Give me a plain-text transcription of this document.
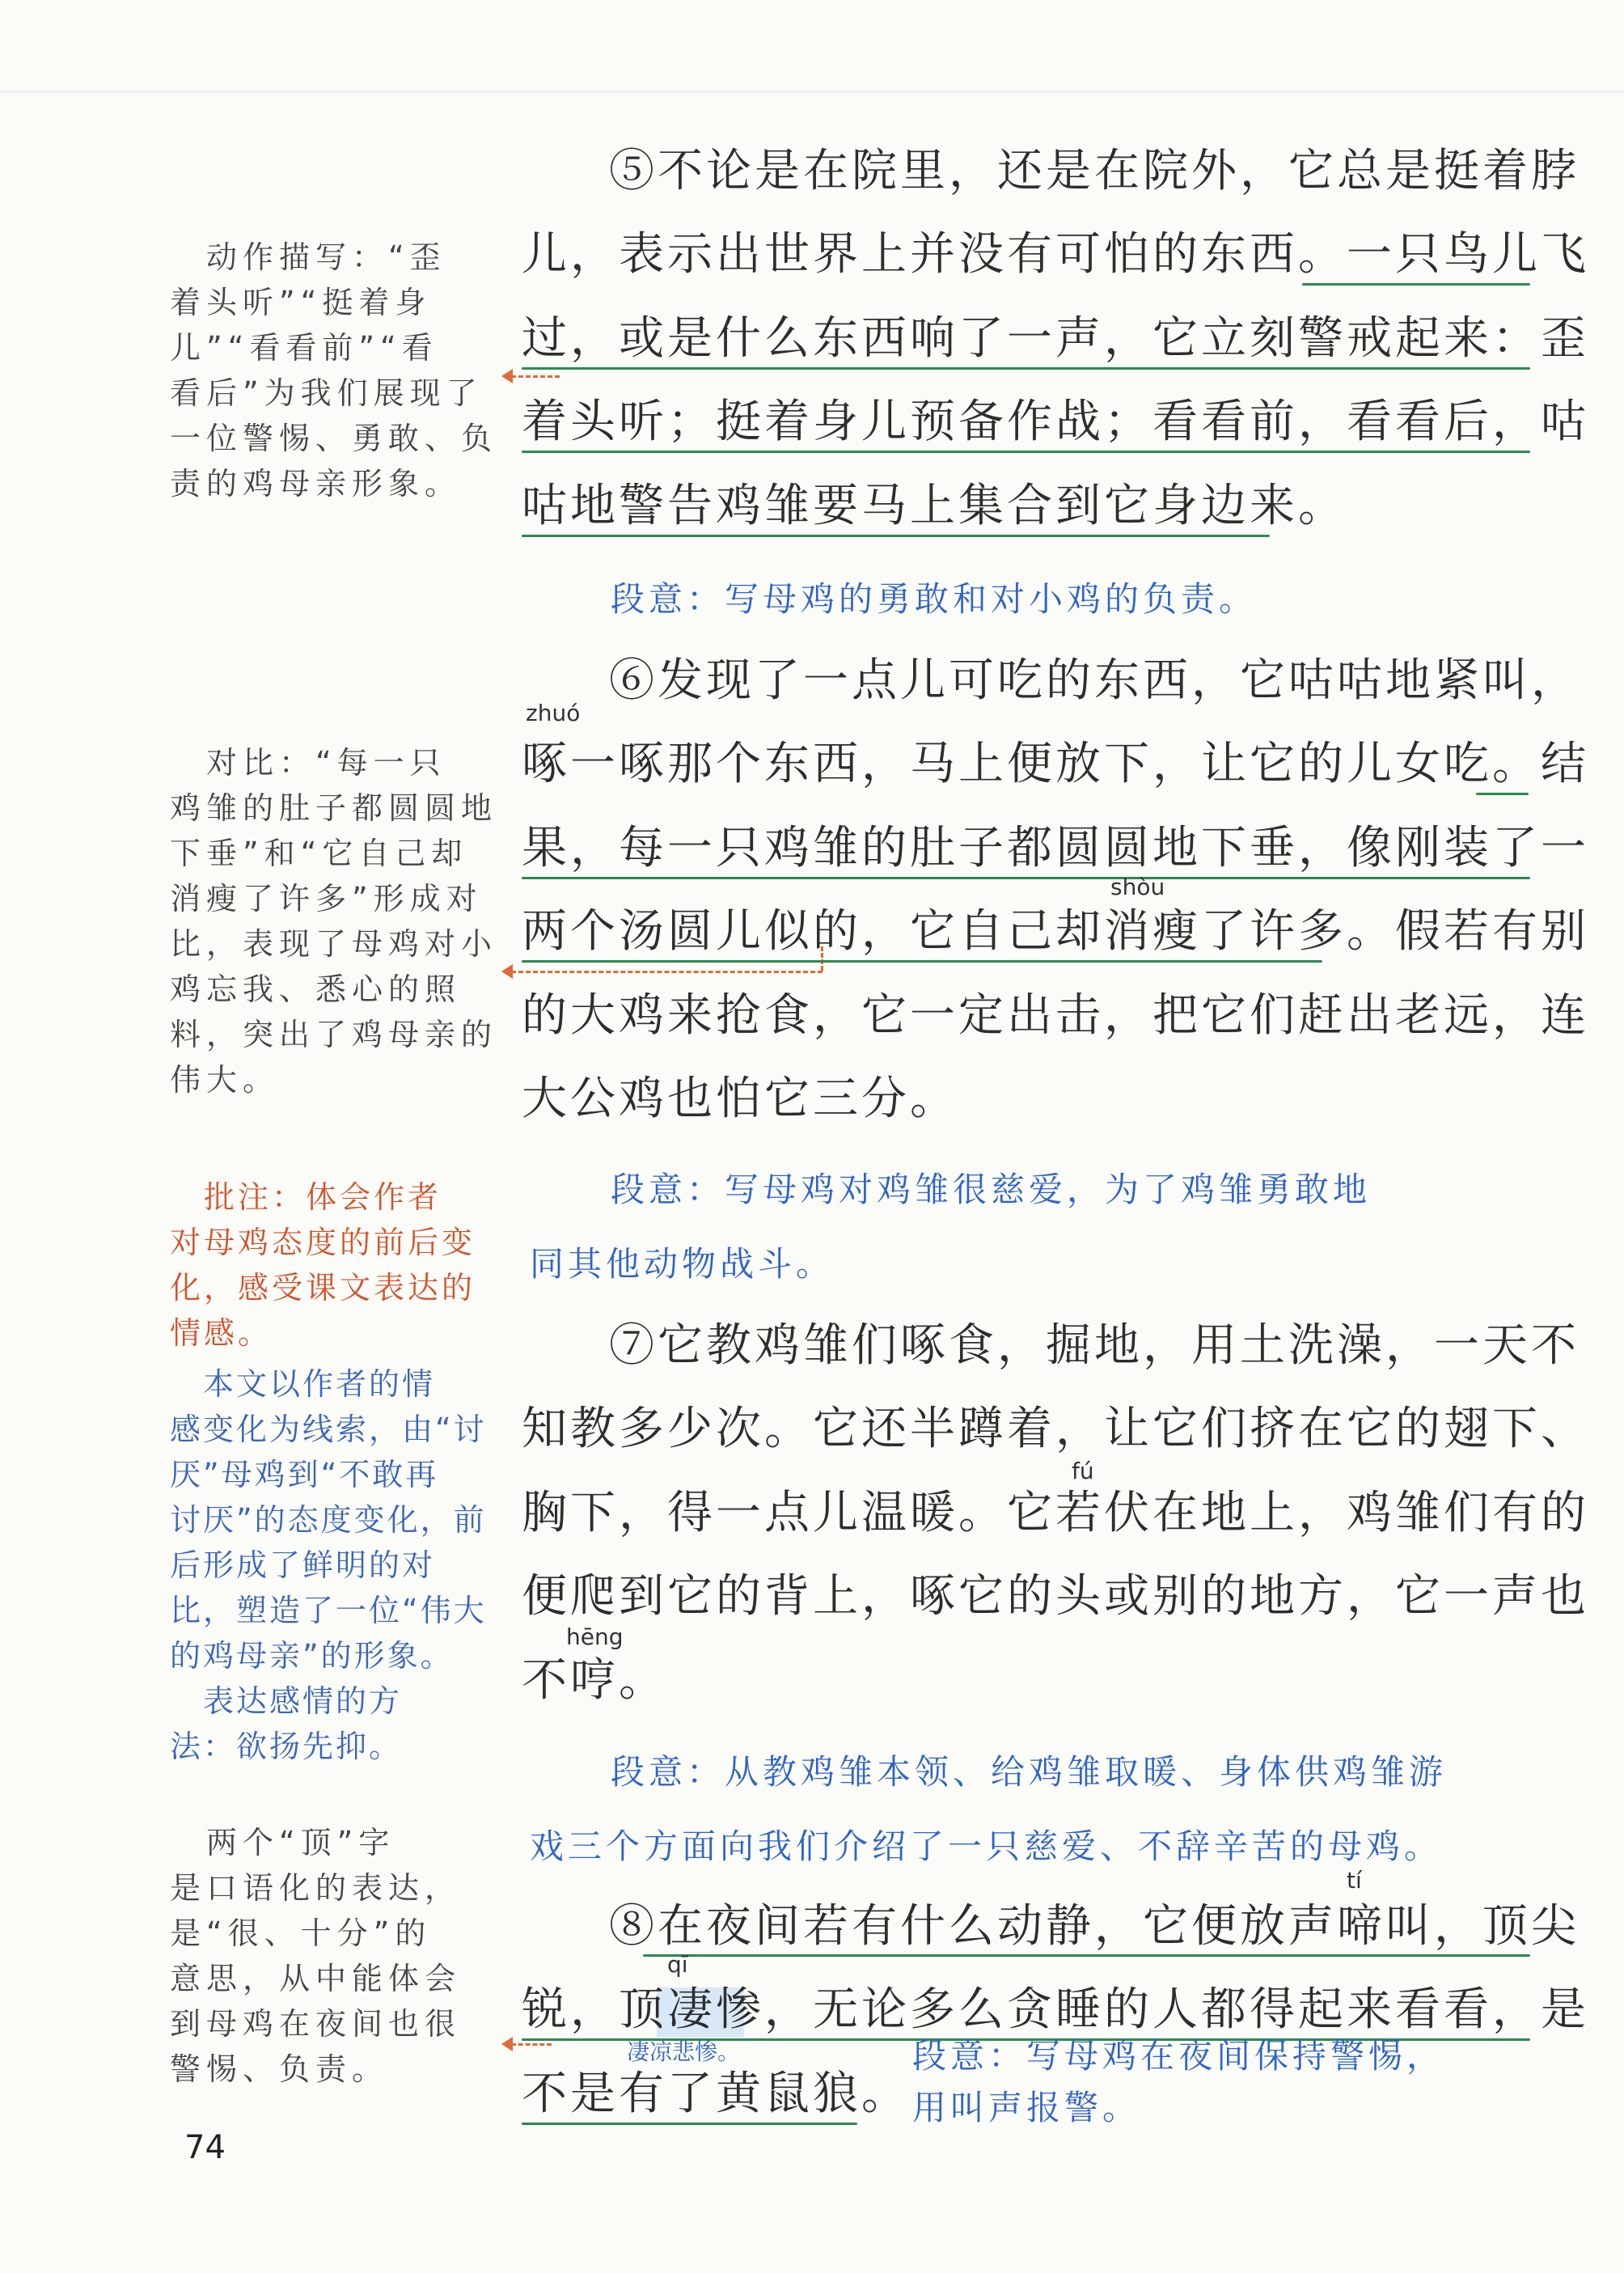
　动作描写：“歪
着头听”“挺着身
儿”“看看前”“看
看后”为我们展现了
一位警惕、勇敢、负
责的鸡母亲形象。
　对比：“每一只
鸡雏的肚子都圆圆地
下垂”和“它自己却
消瘦了许多”形成对
比，表现了母鸡对小
鸡忘我、悉心的照
料，突出了鸡母亲的
伟大。
　批注：体会作者
对母鸡态度的前后变
化，感受课文表达的
情感。
　本文以作者的情
感变化为线索，由“讨
厌”母鸡到“不敢再
讨厌”的态度变化，前
后形成了鲜明的对
比，塑造了一位“伟大
的鸡母亲”的形象。
　表达感情的方
法：欲扬先抑。
　两个“顶”字
是口语化的表达，
是“很、十分”的
意思，从中能体会
到母鸡在夜间也很
警惕、负责。
⑤不论是在院里，还是在院外，它总是挺着脖
儿，表示出世界上并没有可怕的东西。一只鸟儿飞
过，或是什么东西响了一声，它立刻警戒起来：歪
着头听；挺着身儿预备作战；看看前，看看后，咕
咕地警告鸡雏要马上集合到它身边来。
段意：写母鸡的勇敢和对小鸡的负责。
⑥发现了一点儿可吃的东西，它咕咕地紧叫，
啄一啄那个东西，马上便放下，让它的儿女吃。结
果，每一只鸡雏的肚子都圆圆地下垂，像刚装了一
两个汤圆儿似的，它自己却消瘦了许多。假若有别
的大鸡来抢食，它一定出击，把它们赶出老远，连
大公鸡也怕它三分。
zhuó
shòu
段意：写母鸡对鸡雏很慈爱，为了鸡雏勇敢地
同其他动物战斗。
⑦它教鸡雏们啄食，掘地，用土洗澡，一天不
知教多少次。它还半蹲着，让它们挤在它的翅下、
胸下，得一点儿温暖。它若伏在地上，鸡雏们有的
便爬到它的背上，啄它的头或别的地方，它一声也
不哼。
fú
hēng
段意：从教鸡雏本领、给鸡雏取暖、身体供鸡雏游
戏三个方面向我们介绍了一只慈爱、不辞辛苦的母鸡。
⑧在夜间若有什么动静，它便放声啼叫，顶尖
锐，顶凄惨，无论多么贪睡的人都得起来看看，是
不是有了黄鼠狼。
tí
qī
凄凉悲惨。	段意：写母鸡在夜间保持警惕，
用叫声报警。
74
